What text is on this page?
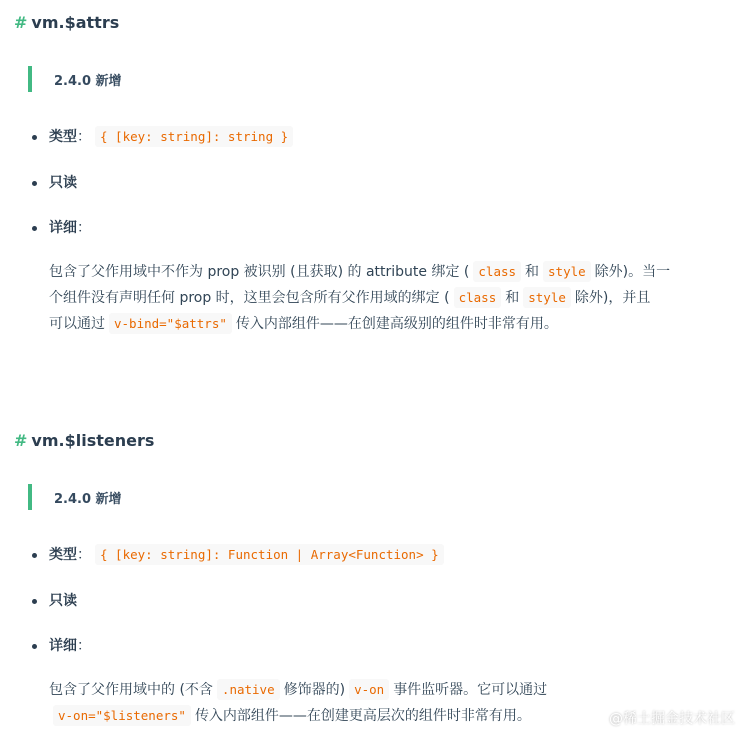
# vm.$attrs
2.4.0 新增
类型： { [key: string]: string }
只读
详细：
包含了父作用域中不作为 prop 被识别 (且获取) 的 attribute 绑定 ( class 和 style 除外)。当一
个组件没有声明任何 prop 时，这里会包含所有父作用域的绑定 ( class 和 style 除外)，并且
可以通过 v-bind="$attrs" 传入内部组件——在创建高级别的组件时非常有用。
# vm.$listeners
2.4.0 新增
类型： { [key: string]: Function | Array<Function> }
只读
详细：
包含了父作用域中的 (不含 .native 修饰器的) v-on 事件监听器。它可以通过
v-on="$listeners" 传入内部组件——在创建更高层次的组件时非常有用。	@稀土掘金技术社区
